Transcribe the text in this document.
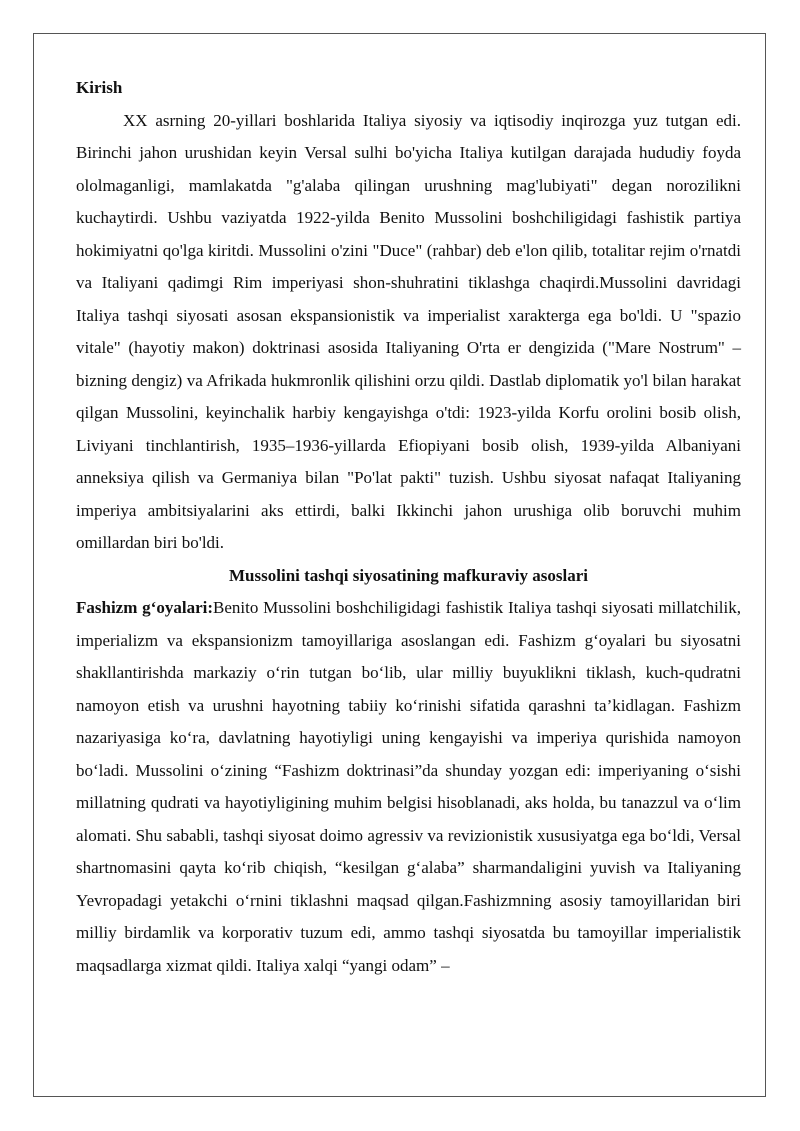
Kirish

XX asrning 20-yillari boshlarida Italiya siyosiy va iqtisodiy inqirozga yuz tutgan edi. Birinchi jahon urushidan keyin Versal sulhi bo'yicha Italiya kutilgan darajada hududiy foyda ololmaganligi, mamlakatda "g'alaba qilingan urushning mag'lubiyati" degan norozilikni kuchaytirdi. Ushbu vaziyatda 1922-yilda Benito Mussolini boshchiligidagi fashistik partiya hokimiyatni qo'lga kiritdi. Mussolini o'zini "Duce" (rahbar) deb e'lon qilib, totalitar rejim o'rnatdi va Italiyani qadimgi Rim imperiyasi shon-shuhratini tiklashga chaqirdi.Mussolini davridagi Italiya tashqi siyosati asosan ekspansionistik va imperialist xarakterga ega bo'ldi. U "spazio vitale" (hayotiy makon) doktrinasi asosida Italiyaning O'rta er dengizida ("Mare Nostrum" – bizning dengiz) va Afrikada hukmronlik qilishini orzu qildi. Dastlab diplomatik yo'l bilan harakat qilgan Mussolini, keyinchalik harbiy kengayishga o'tdi: 1923-yilda Korfu orolini bosib olish, Liviyani tinchlantirish, 1935–1936-yillarda Efiopiyani bosib olish, 1939-yilda Albaniyani anneksiya qilish va Germaniya bilan "Po'lat pakti" tuzish. Ushbu siyosat nafaqat Italiyaning imperiya ambitsiyalarini aks ettirdi, balki Ikkinchi jahon urushiga olib boruvchi muhim omillardan biri bo'ldi.

Mussolini tashqi siyosatining mafkuraviy asoslari

Fashizm g‘oyalari:Benito Mussolini boshchiligidagi fashistik Italiya tashqi siyosati millatchilik, imperializm va ekspansionizm tamoyillariga asoslangan edi. Fashizm g‘oyalari bu siyosatni shakllantirishda markaziy o‘rin tutgan bo‘lib, ular milliy buyuklikni tiklash, kuch-qudratni namoyon etish va urushni hayotning tabiiy ko‘rinishi sifatida qarashni ta’kidlagan. Fashizm nazariyasiga ko‘ra, davlatning hayotiyligi uning kengayishi va imperiya qurishida namoyon bo‘ladi. Mussolini o‘zining “Fashizm doktrinasi”da shunday yozgan edi: imperiyaning o‘sishi millatning qudrati va hayotiyligining muhim belgisi hisoblanadi, aks holda, bu tanazzul va o‘lim alomati. Shu sababli, tashqi siyosat doimo agressiv va revizionistik xususiyatga ega bo‘ldi, Versal shartnomasini qayta ko‘rib chiqish, “kesilgan g‘alaba” sharmandaligini yuvish va Italiyaning Yevropadagi yetakchi o‘rnini tiklashni maqsad qilgan.Fashizmning asosiy tamoyillaridan biri milliy birdamlik va korporativ tuzum edi, ammo tashqi siyosatda bu tamoyillar imperialistik maqsadlarga xizmat qildi. Italiya xalqi “yangi odam” –
